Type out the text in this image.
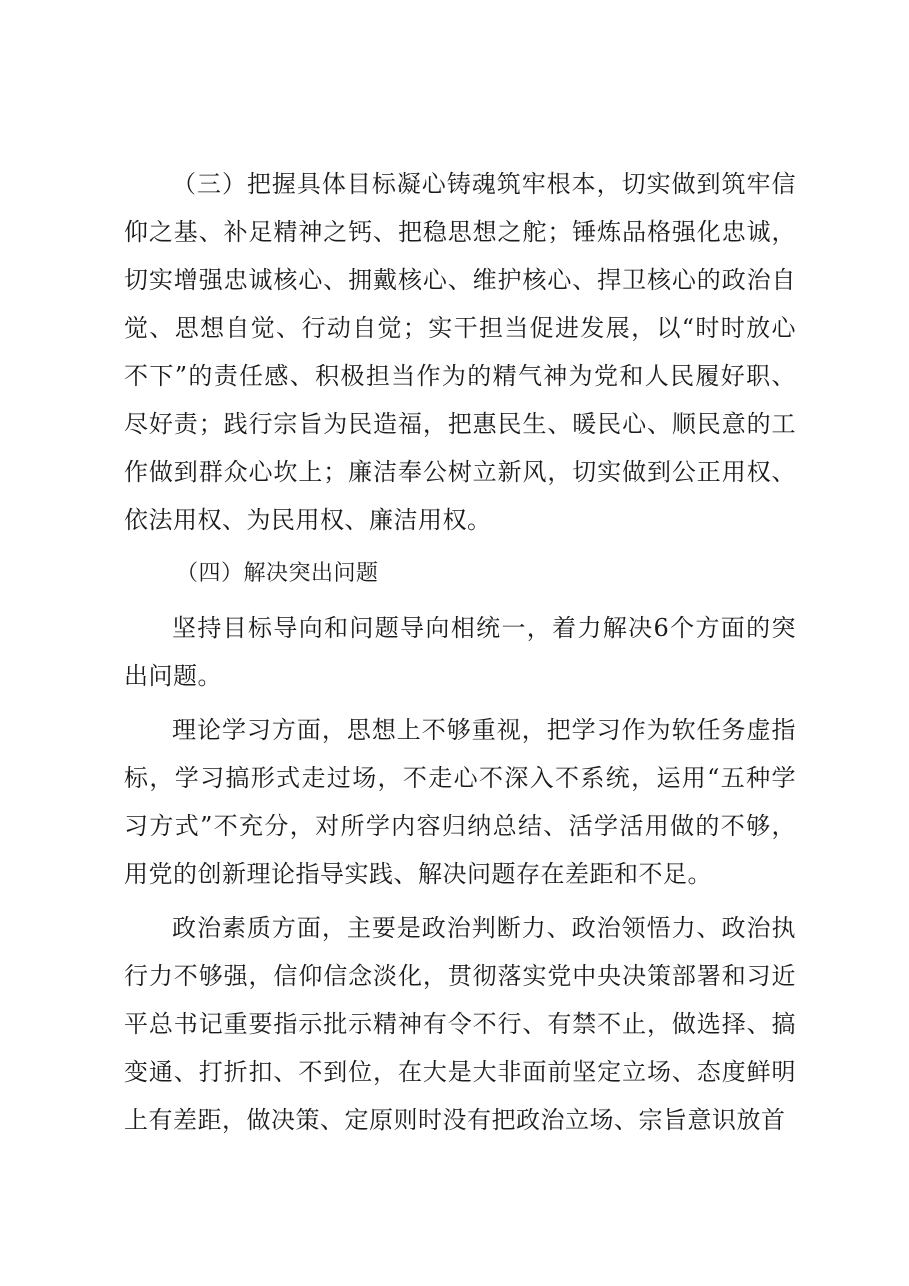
（三）把握具体目标凝心铸魂筑牢根本，切实做到筑牢信仰之基、补足精神之钙、把稳思想之舵；锤炼品格强化忠诚，切实增强忠诚核心、拥戴核心、维护核心、捍卫核心的政治自觉、思想自觉、行动自觉；实干担当促进发展，以“时时放心不下”的责任感、积极担当作为的精气神为党和人民履好职、尽好责；践行宗旨为民造福，把惠民生、暖民心、顺民意的工作做到群众心坎上；廉洁奉公树立新风，切实做到公正用权、依法用权、为民用权、廉洁用权。

（四）解决突出问题

坚持目标导向和问题导向相统一，着力解决6个方面的突出问题。

理论学习方面，思想上不够重视，把学习作为软任务虚指标，学习搞形式走过场，不走心不深入不系统，运用“五种学习方式”不充分，对所学内容归纳总结、活学活用做的不够，用党的创新理论指导实践、解决问题存在差距和不足。

政治素质方面，主要是政治判断力、政治领悟力、政治执行力不够强，信仰信念淡化，贯彻落实党中央决策部署和习近平总书记重要指示批示精神有令不行、有禁不止，做选择、搞变通、打折扣、不到位，在大是大非面前坚定立场、态度鲜明上有差距，做决策、定原则时没有把政治立场、宗旨意识放首
